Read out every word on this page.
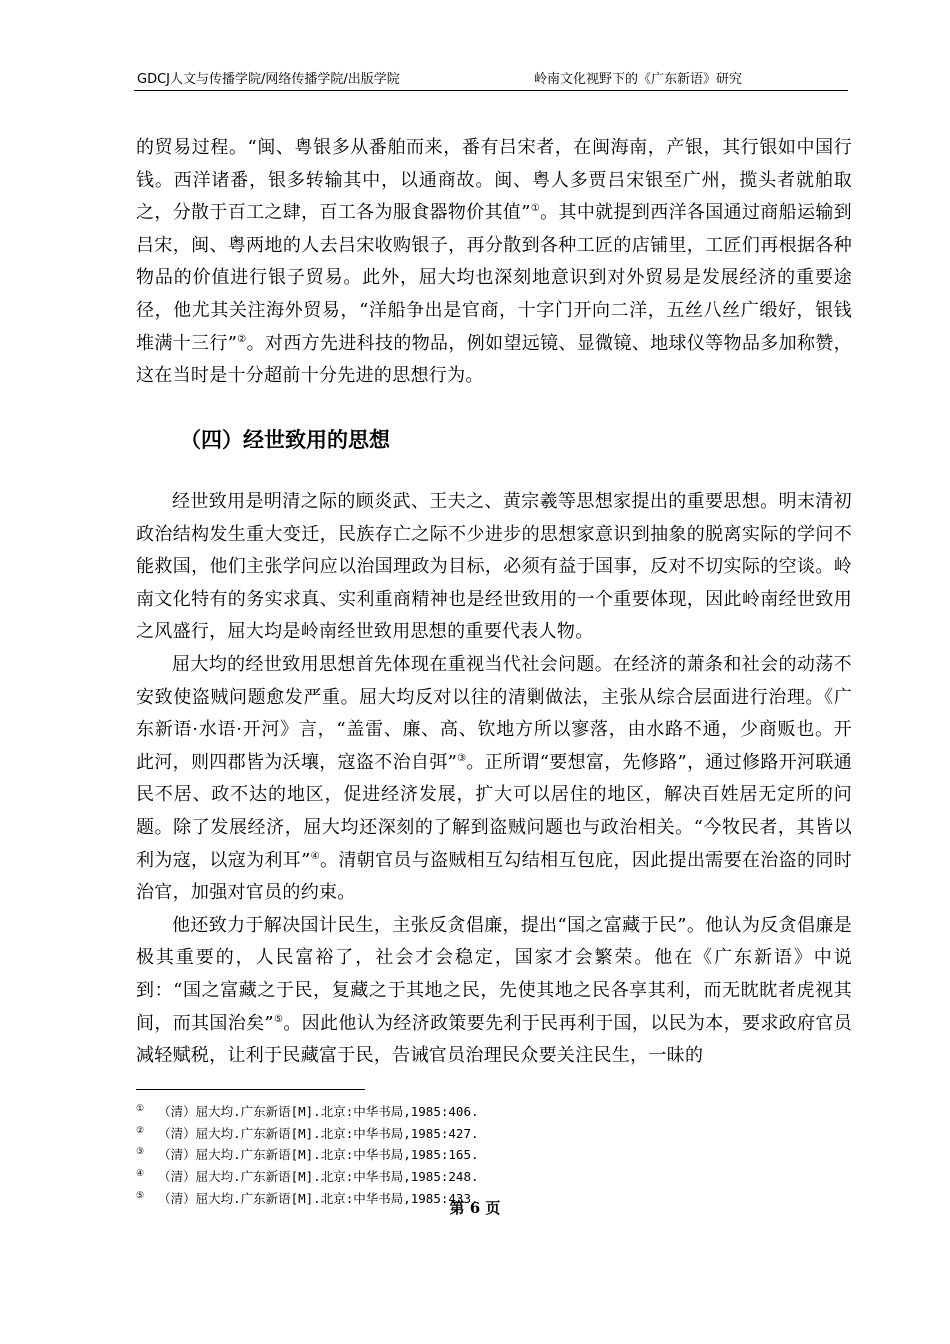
GDCJ人文与传播学院/网络传播学院/出版学院	岭南文化视野下的《广东新语》研究

的贸易过程。“闽、粤银多从番舶而来，番有吕宋者，在闽海南，产银，其行银如中国行钱。西洋诸番，银多转输其中，以通商故。闽、粤人多贾吕宋银至广州，揽头者就舶取之，分散于百工之肆，百工各为服食器物价其值”①。其中就提到西洋各国通过商船运输到吕宋，闽、粤两地的人去吕宋收购银子，再分散到各种工匠的店铺里，工匠们再根据各种物品的价值进行银子贸易。此外，屈大均也深刻地意识到对外贸易是发展经济的重要途径，他尤其关注海外贸易，“洋船争出是官商，十字门开向二洋，五丝八丝广缎好，银钱堆满十三行”②。对西方先进科技的物品，例如望远镜、显微镜、地球仪等物品多加称赞，这在当时是十分超前十分先进的思想行为。

（四）经世致用的思想

经世致用是明清之际的顾炎武、王夫之、黄宗羲等思想家提出的重要思想。明末清初政治结构发生重大变迁，民族存亡之际不少进步的思想家意识到抽象的脱离实际的学问不能救国，他们主张学问应以治国理政为目标，必须有益于国事，反对不切实际的空谈。岭南文化特有的务实求真、实利重商精神也是经世致用的一个重要体现，因此岭南经世致用之风盛行，屈大均是岭南经世致用思想的重要代表人物。

屈大均的经世致用思想首先体现在重视当代社会问题。在经济的萧条和社会的动荡不安致使盗贼问题愈发严重。屈大均反对以往的清剿做法，主张从综合层面进行治理。《广东新语·水语·开河》言，“盖雷、廉、高、钦地方所以寥落，由水路不通，少商贩也。开此河，则四郡皆为沃壤，寇盗不治自弭”③。正所谓“要想富，先修路”，通过修路开河联通民不居、政不达的地区，促进经济发展，扩大可以居住的地区，解决百姓居无定所的问题。除了发展经济，屈大均还深刻的了解到盗贼问题也与政治相关。“今牧民者，其皆以利为寇，以寇为利耳”④。清朝官员与盗贼相互勾结相互包庇，因此提出需要在治盗的同时治官，加强对官员的约束。

他还致力于解决国计民生，主张反贪倡廉，提出“国之富藏于民”。他认为反贪倡廉是极其重要的，人民富裕了，社会才会稳定，国家才会繁荣。他在《广东新语》中说到：“国之富藏之于民，复藏之于其地之民，先使其地之民各享其利，而无眈眈者虎视其间，而其国治矣”⑤。因此他认为经济政策要先利于民再利于国，以民为本，要求政府官员减轻赋税，让利于民藏富于民，告诫官员治理民众要关注民生，一昧的

① （清）屈大均.广东新语[M].北京:中华书局,1985:406.
② （清）屈大均.广东新语[M].北京:中华书局,1985:427.
③ （清）屈大均.广东新语[M].北京:中华书局,1985:165.
④ （清）屈大均.广东新语[M].北京:中华书局,1985:248.
⑤ （清）屈大均.广东新语[M].北京:中华书局,1985:433.
第 6 页
